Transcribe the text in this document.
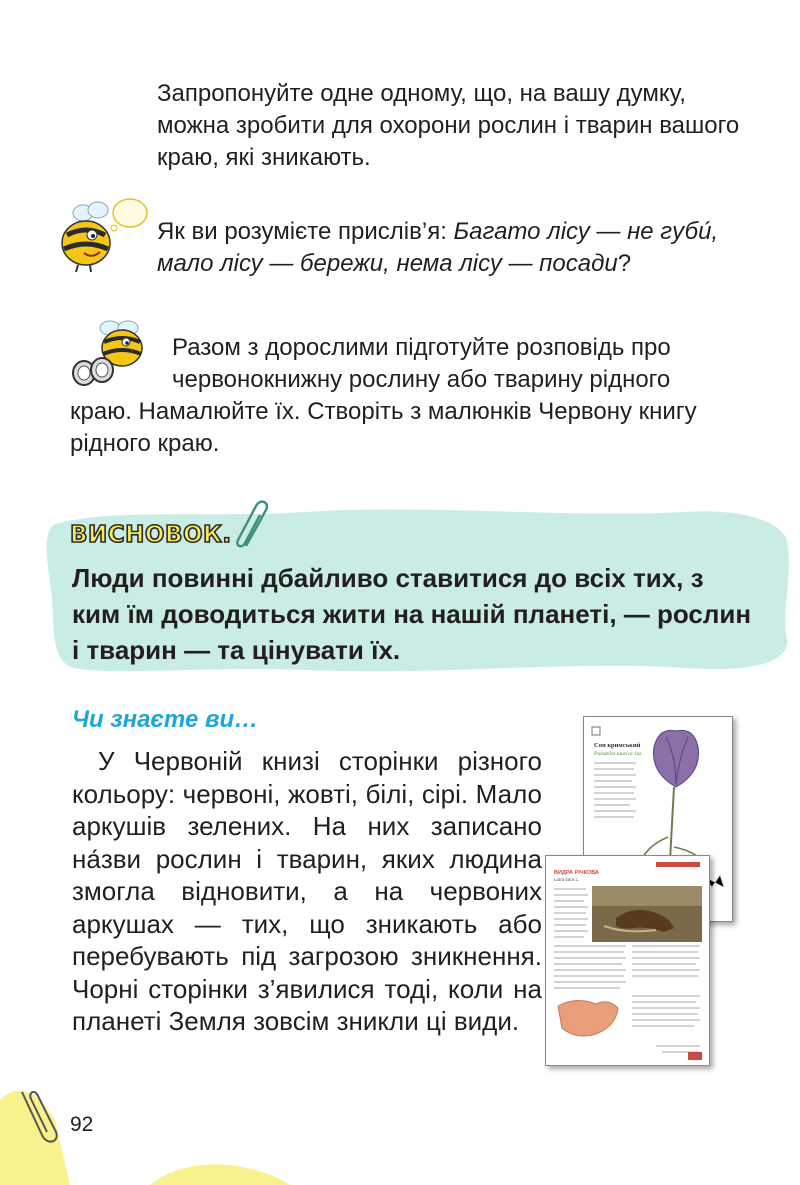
Запропонуйте одне одному, що, на вашу думку, можна зробити для охорони рослин і тварин вашого краю, які зникають.
Як ви розумієте прислів’я: Багато лісу — не губи́, мало лісу — бережи, нема лісу — посади?
Разом з дорослими підготуйте розповідь про червонокнижну рослину або тварину рідного
краю. Намалюйте їх. Створіть з малюнків Червону книгу рідного краю.
ВИСНОВОК.
Люди повинні дбайливо ставитися до всіх тих, з ким їм доводиться жити на нашій планеті, — рослин і тварин — та цінувати їх.
Чи знаєте ви…
 У Червоній книзі сторінки різного кольору: червоні, жовті, білі, сірі. Мало аркушів зелених. На них записано на́зви рослин і тварин, яких людина змогла відновити, а на червоних аркушах — тих, що зникають або перебувають під загрозою зникнення. Чорні сторінки з’явилися тоді, коли на планеті Земля зовсім зникли ці види.
Сон кримський
Pulsatilla taurica Juz.
ВИДРА РІЧКОВА
Lutra lutra L.
92
